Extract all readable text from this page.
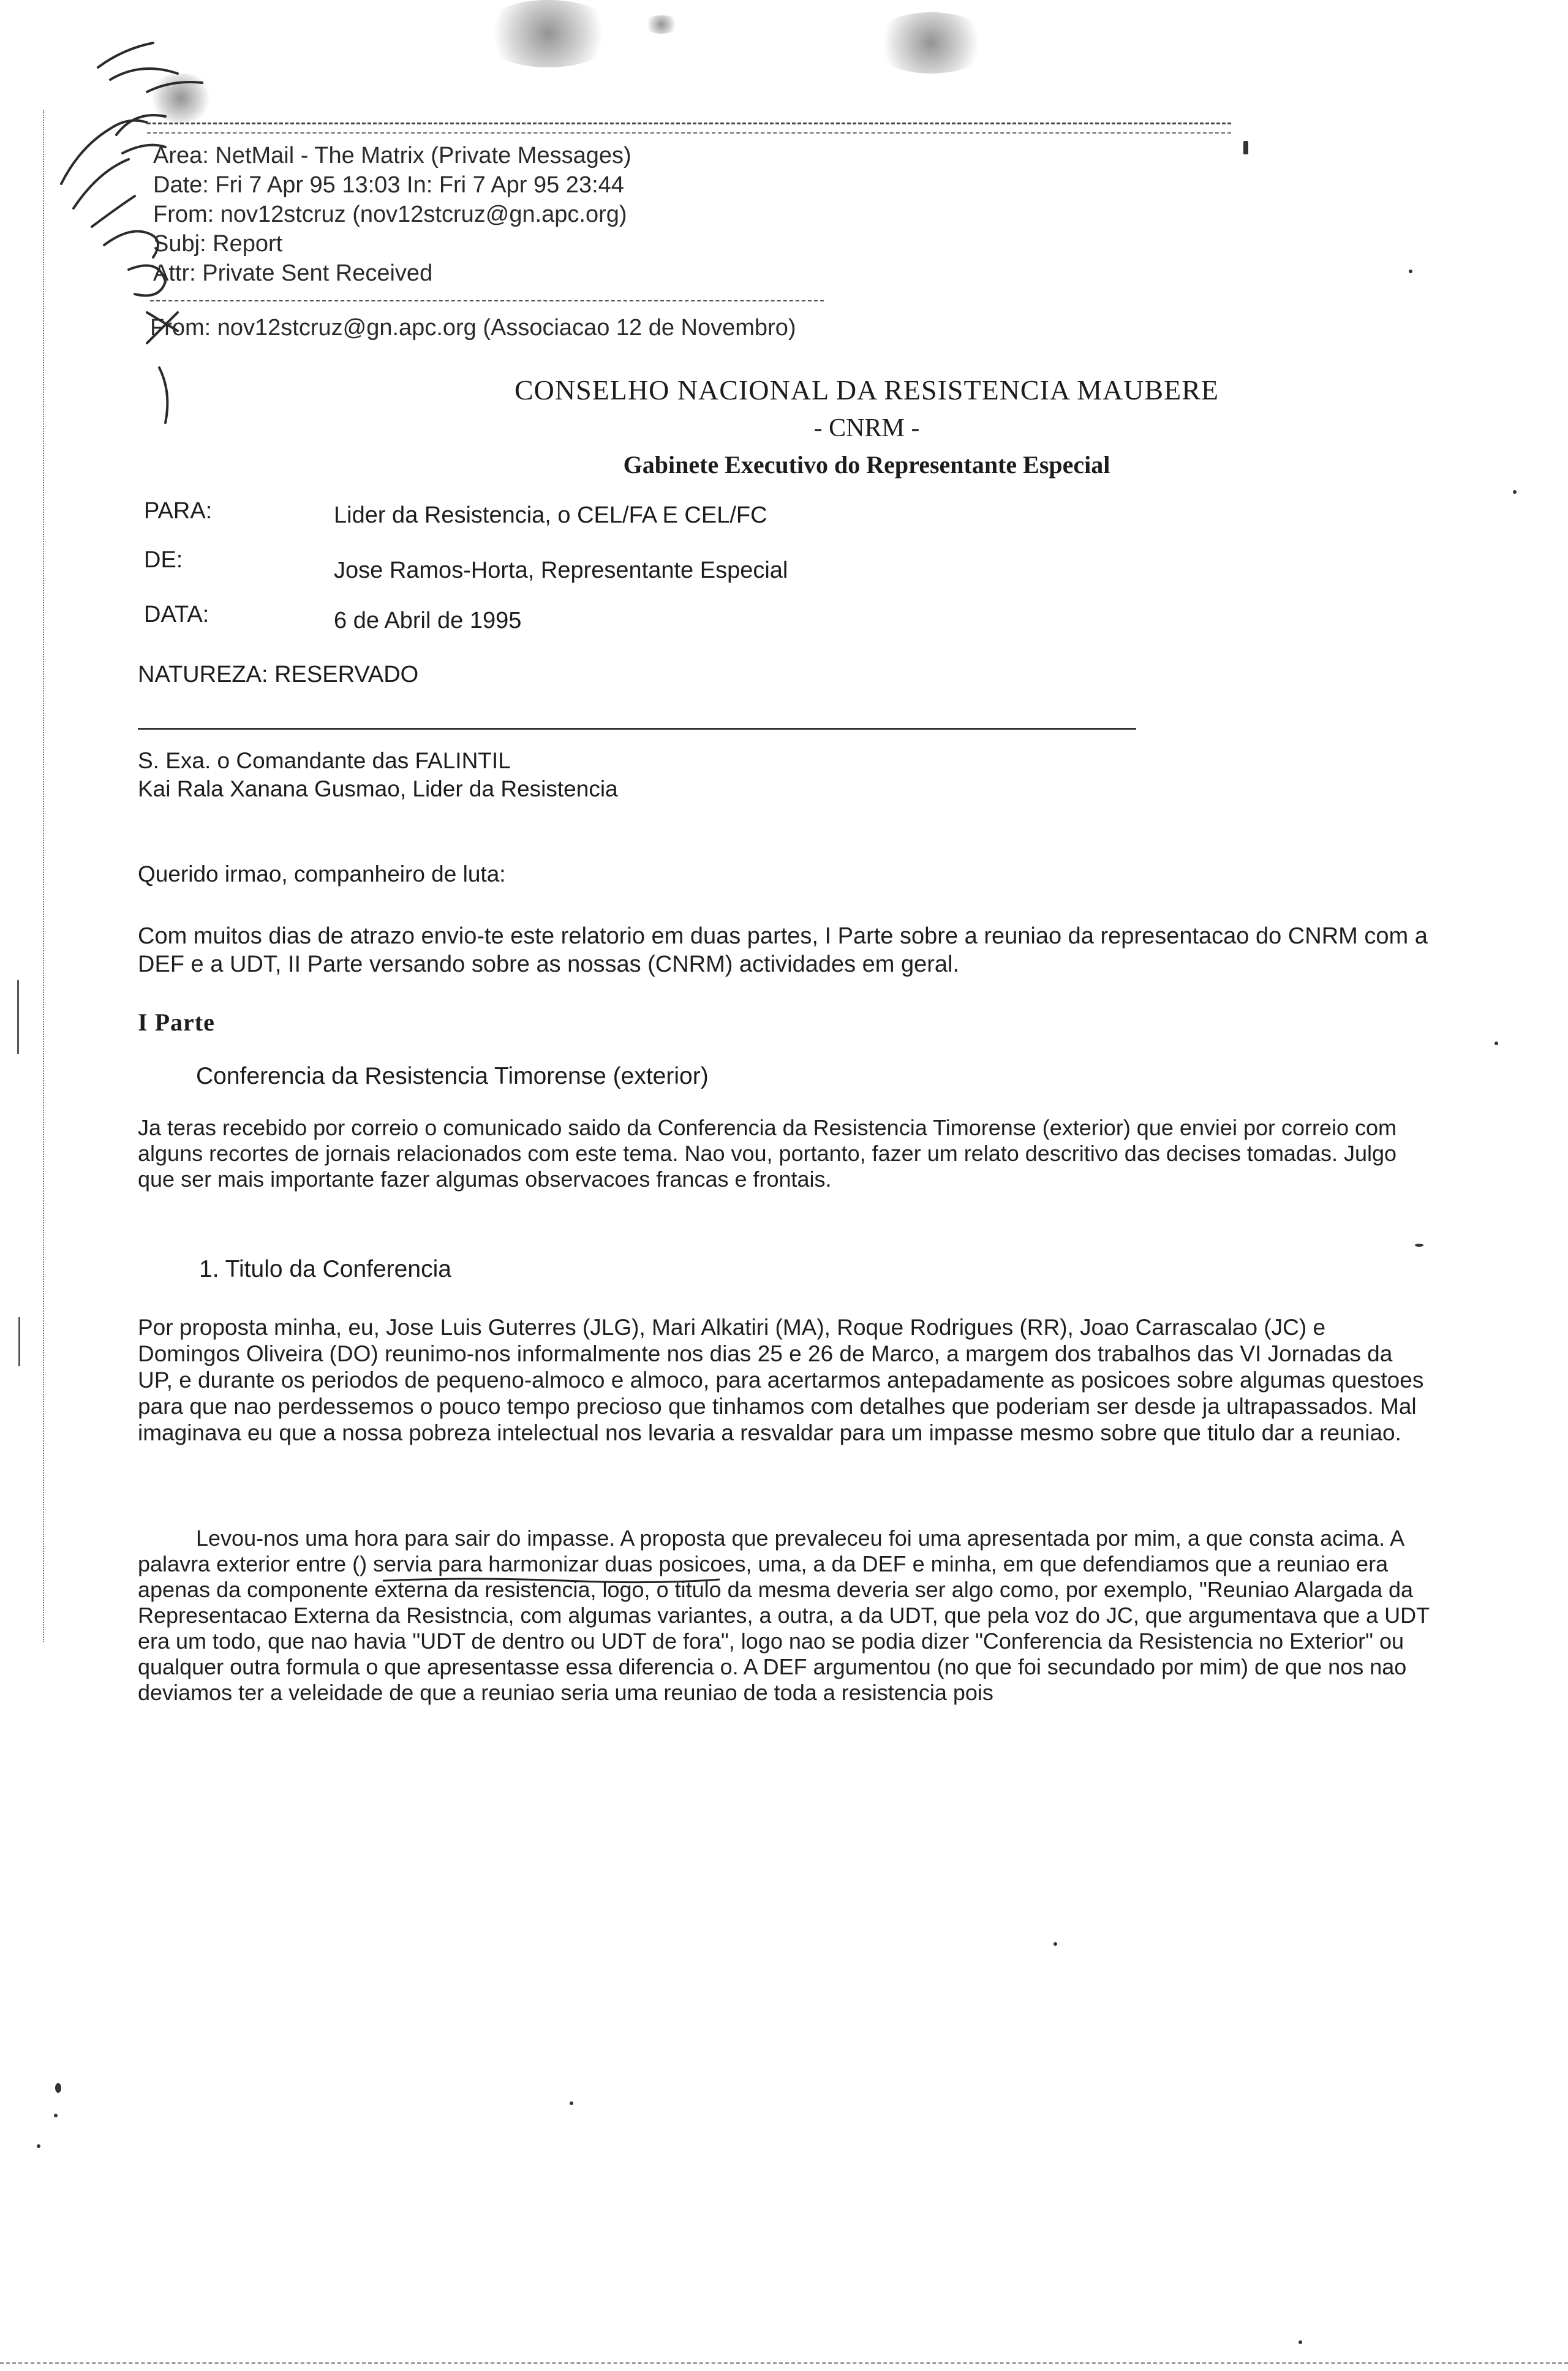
Area: NetMail - The Matrix (Private Messages)
Date: Fri 7 Apr 95 13:03 In: Fri 7 Apr 95 23:44
From: nov12stcruz (nov12stcruz@gn.apc.org)
Subj: Report
Attr: Private Sent Received
From: nov12stcruz@gn.apc.org (Associacao 12 de Novembro)
CONSELHO NACIONAL DA RESISTENCIA MAUBERE
- CNRM -
Gabinete Executivo do Representante Especial
PARA:	Lider da Resistencia, o CEL/FA E CEL/FC
DE:	Jose Ramos-Horta, Representante Especial
DATA:	6 de Abril de 1995
NATUREZA: RESERVADO
S. Exa. o Comandante das FALINTIL
Kai Rala Xanana Gusmao, Lider da Resistencia
Querido irmao, companheiro de luta:
Com muitos dias de atrazo envio-te este relatorio em duas partes, I Parte sobre a reuniao da representacao do CNRM com a DEF e a UDT, II Parte versando sobre as nossas (CNRM) actividades em geral.
I Parte
Conferencia da Resistencia Timorense (exterior)
Ja teras recebido por correio o comunicado saido da Conferencia da Resistencia Timorense (exterior) que enviei por correio com alguns recortes de jornais relacionados com este tema. Nao vou, portanto, fazer um relato descritivo das decises tomadas. Julgo que ser mais importante fazer algumas observacoes francas e frontais.
1. Titulo da Conferencia
Por proposta minha, eu, Jose Luis Guterres (JLG), Mari Alkatiri (MA), Roque Rodrigues (RR), Joao Carrascalao (JC) e Domingos Oliveira (DO) reunimo-nos informalmente nos dias 25 e 26 de Marco, a margem dos trabalhos das VI Jornadas da UP, e durante os periodos de pequeno-almoco e almoco, para acertarmos antepadamente as posicoes sobre algumas questoes para que nao perdessemos o pouco tempo precioso que tinhamos com detalhes que poderiam ser desde ja ultrapassados. Mal imaginava eu que a nossa pobreza intelectual nos levaria a resvaldar para um impasse mesmo sobre que titulo dar a reuniao.
Levou-nos uma hora para sair do impasse. A proposta que prevaleceu foi uma apresentada por mim, a que consta acima. A palavra exterior entre () servia para harmonizar duas posicoes, uma, a da DEF e minha, em que defendiamos que a reuniao era apenas da componente externa da resistencia, logo, o titulo da mesma deveria ser algo como, por exemplo, "Reuniao Alargada da Representacao Externa da Resistncia, com algumas variantes, a outra, a da UDT, que pela voz do JC, que argumentava que a UDT era um todo, que nao havia "UDT de dentro ou UDT de fora", logo nao se podia dizer "Conferencia da Resistencia no Exterior" ou qualquer outra formula o que apresentasse essa diferencia o. A DEF argumentou (no que foi secundado por mim) de que nos nao deviamos ter a veleidade de que a reuniao seria uma reuniao de toda a resistencia pois
